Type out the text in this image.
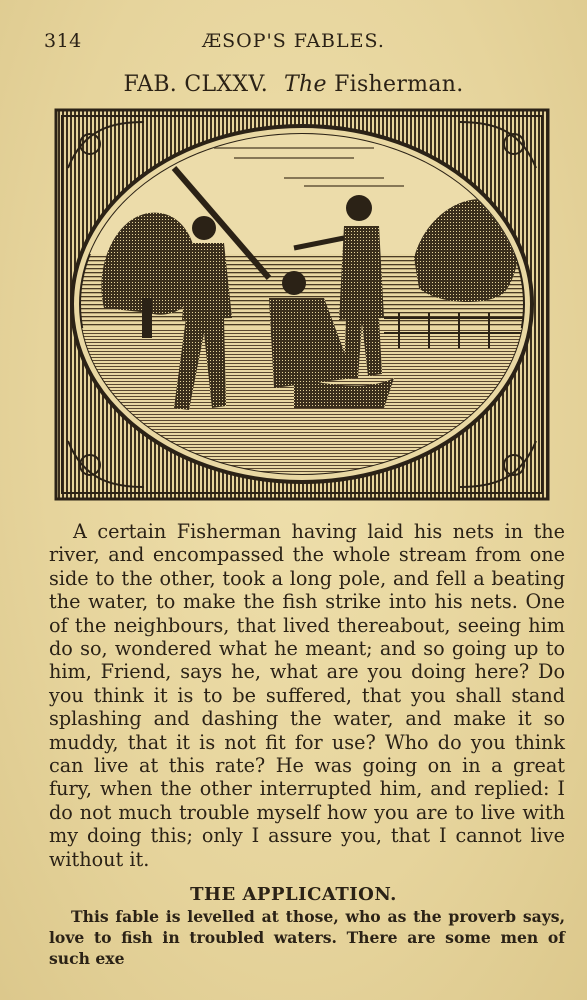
314	ÆSOP'S FABLES.
FAB. CLXXV. The Fisherman.

A certain Fisherman having laid his nets in the river, and encompassed the whole stream from one side to the other, took a long pole, and fell a beating the water, to make the fish strike into his nets. One of the neighbours, that lived thereabout, seeing him do so, wondered what he meant; and so going up to him, Friend, says he, what are you doing here? Do you think it is to be suffered, that you shall stand splashing and dashing the water, and make it so muddy, that it is not fit for use? Who do you think can live at this rate? He was going on in a great fury, when the other interrupted him, and replied: I do not much trouble myself how you are to live with my doing this; only I assure you, that I cannot live without it.

THE APPLICATION.

This fable is levelled at those, who as the proverb says, love to fish in troubled waters. There are some men of such exe
